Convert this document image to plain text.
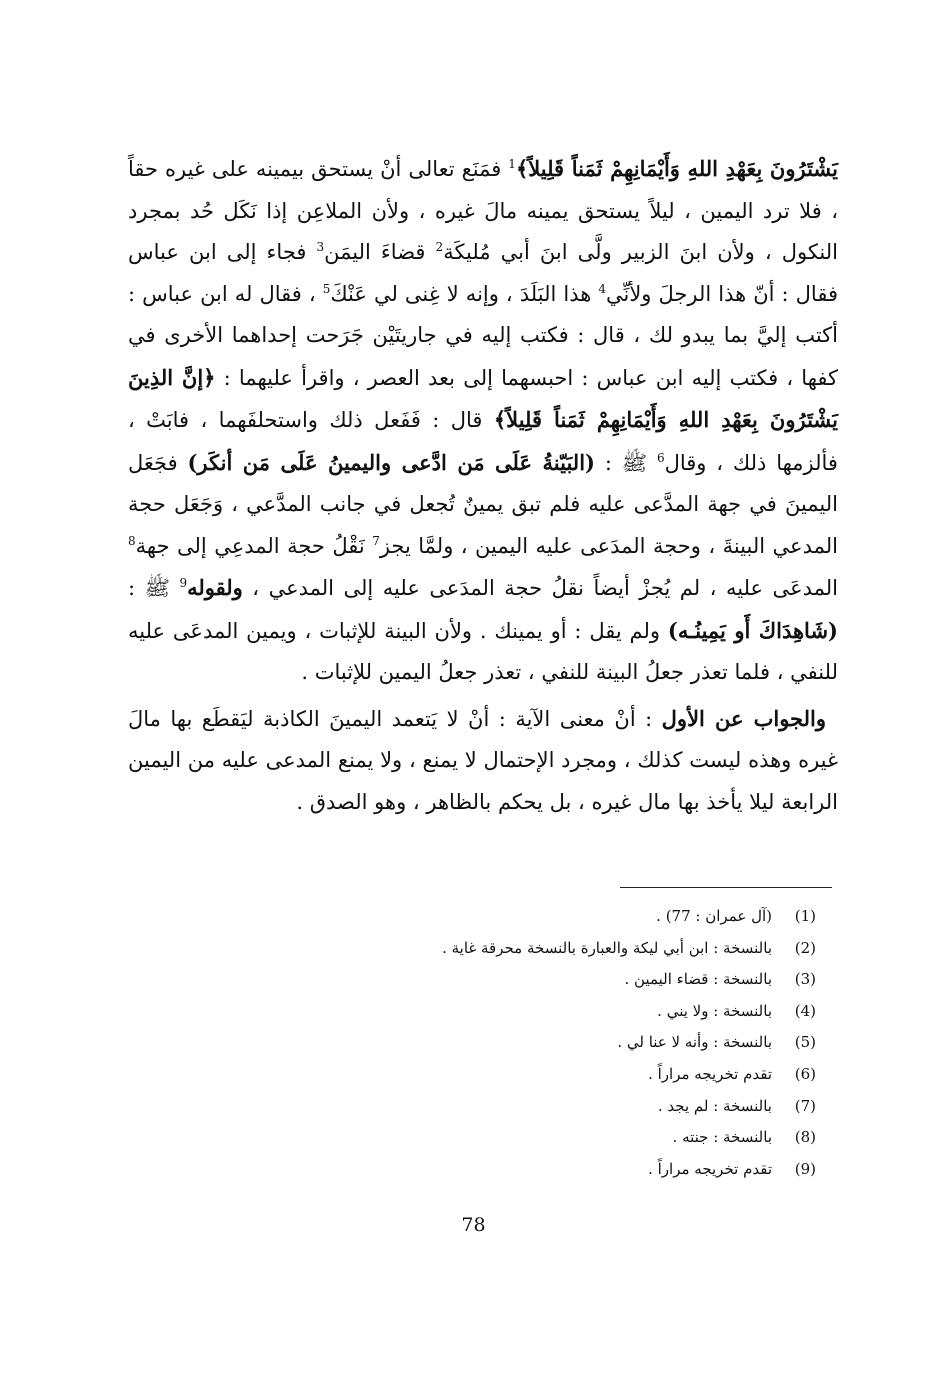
يَشْتَرُونَ بِعَهْدِ اللهِ وَأَيْمَانِهِمْ ثَمَناً قَلِيلاً﴾$^1$ فمَنَع تعالى أنْ يستحق بيمينه على غيره حقاً ، فلا ترد اليمين ، ليلاً يستحق يمينه مالَ غيره ، ولأن الملاعِن إذا نَكَل حُد بمجرد النكول ، ولأن ابنَ الزبير ولَّى ابنَ أبي مُليكَة$^2$ قضاءَ اليمَن$^3$ فجاء إلى ابن عباس فقال : أنّ هذا الرجلَ ولأنِّي$^4$ هذا البَلَدَ ، وإنه لا غِنى لي عَنْكَ$^5$ ، فقال له ابن عباس : أكتب إليَّ بما يبدو لك ، قال : فكتب إليه في جاريتَيْن جَرَحت إحداهما الأخرى في كفها ، فكتب إليه ابن عباس : احبسهما إلى بعد العصر ، واقرأ عليهما : ﴿إنَّ الذِينَ يَشْتَرُونَ بِعَهْدِ اللهِ وَأَيْمَانِهِمْ ثَمَناً قَلِيلاً﴾ قال : فَفَعل ذلك واستحلفَهما ، فابَتْ ، فألزمها ذلك ، وقال$^6$ ﷺ : (البَيّنةُ عَلَى مَن ادَّعى واليمينُ عَلَى مَن أنكَر) فجَعَل اليمينَ في جهة المدَّعى عليه فلم تبق يمينٌ تُجعل في جانب المدَّعي ، وَجَعَل حجة المدعي البينةَ ، وحجة المدَعى عليه اليمين ، ولمَّا يجز$^7$ نَقْلُ حجة المدعِي إلى جهة$^8$ المدعَى عليه ، لم يُجزْ أيضاً نقلُ حجة المدَعى عليه إلى المدعي ، ولقوله$^9$ ﷺ : (شَاهِدَاكَ أَو يَمِينُـه) ولم يقل : أو يمينك . ولأن البينة للإثبات ، ويمين المدعَى عليه للنفي ، فلما تعذر جعلُ البينة للنفي ، تعذر جعلُ اليمين للإثبات .

والجواب عن الأول : أنْ معنى الآية : أنْ لا يَتعمد اليمينَ الكاذبة ليَقطَع بها مالَ غيره وهذه ليست كذلك ، ومجرد الإحتمال لا يمنع ، ولا يمنع المدعى عليه من اليمين الرابعة ليلا يأخذ بها مال غيره ، بل يحكم بالظاهر ، وهو الصدق .

(1)
(آل عمران : 77) .
(2)
بالنسخة : ابن أبي ليكة والعبارة بالنسخة محرقة غاية .
(3)
بالنسخة : قضاء اليمين .
(4)
بالنسخة : ولا يني .
(5)
بالنسخة : وأنه لا عنا لي .
(6)
تقدم تخريجه مراراً .
(7)
بالنسخة : لم يجد .
(8)
بالنسخة : جنته .
(9)
تقدم تخريجه مراراً .
78
